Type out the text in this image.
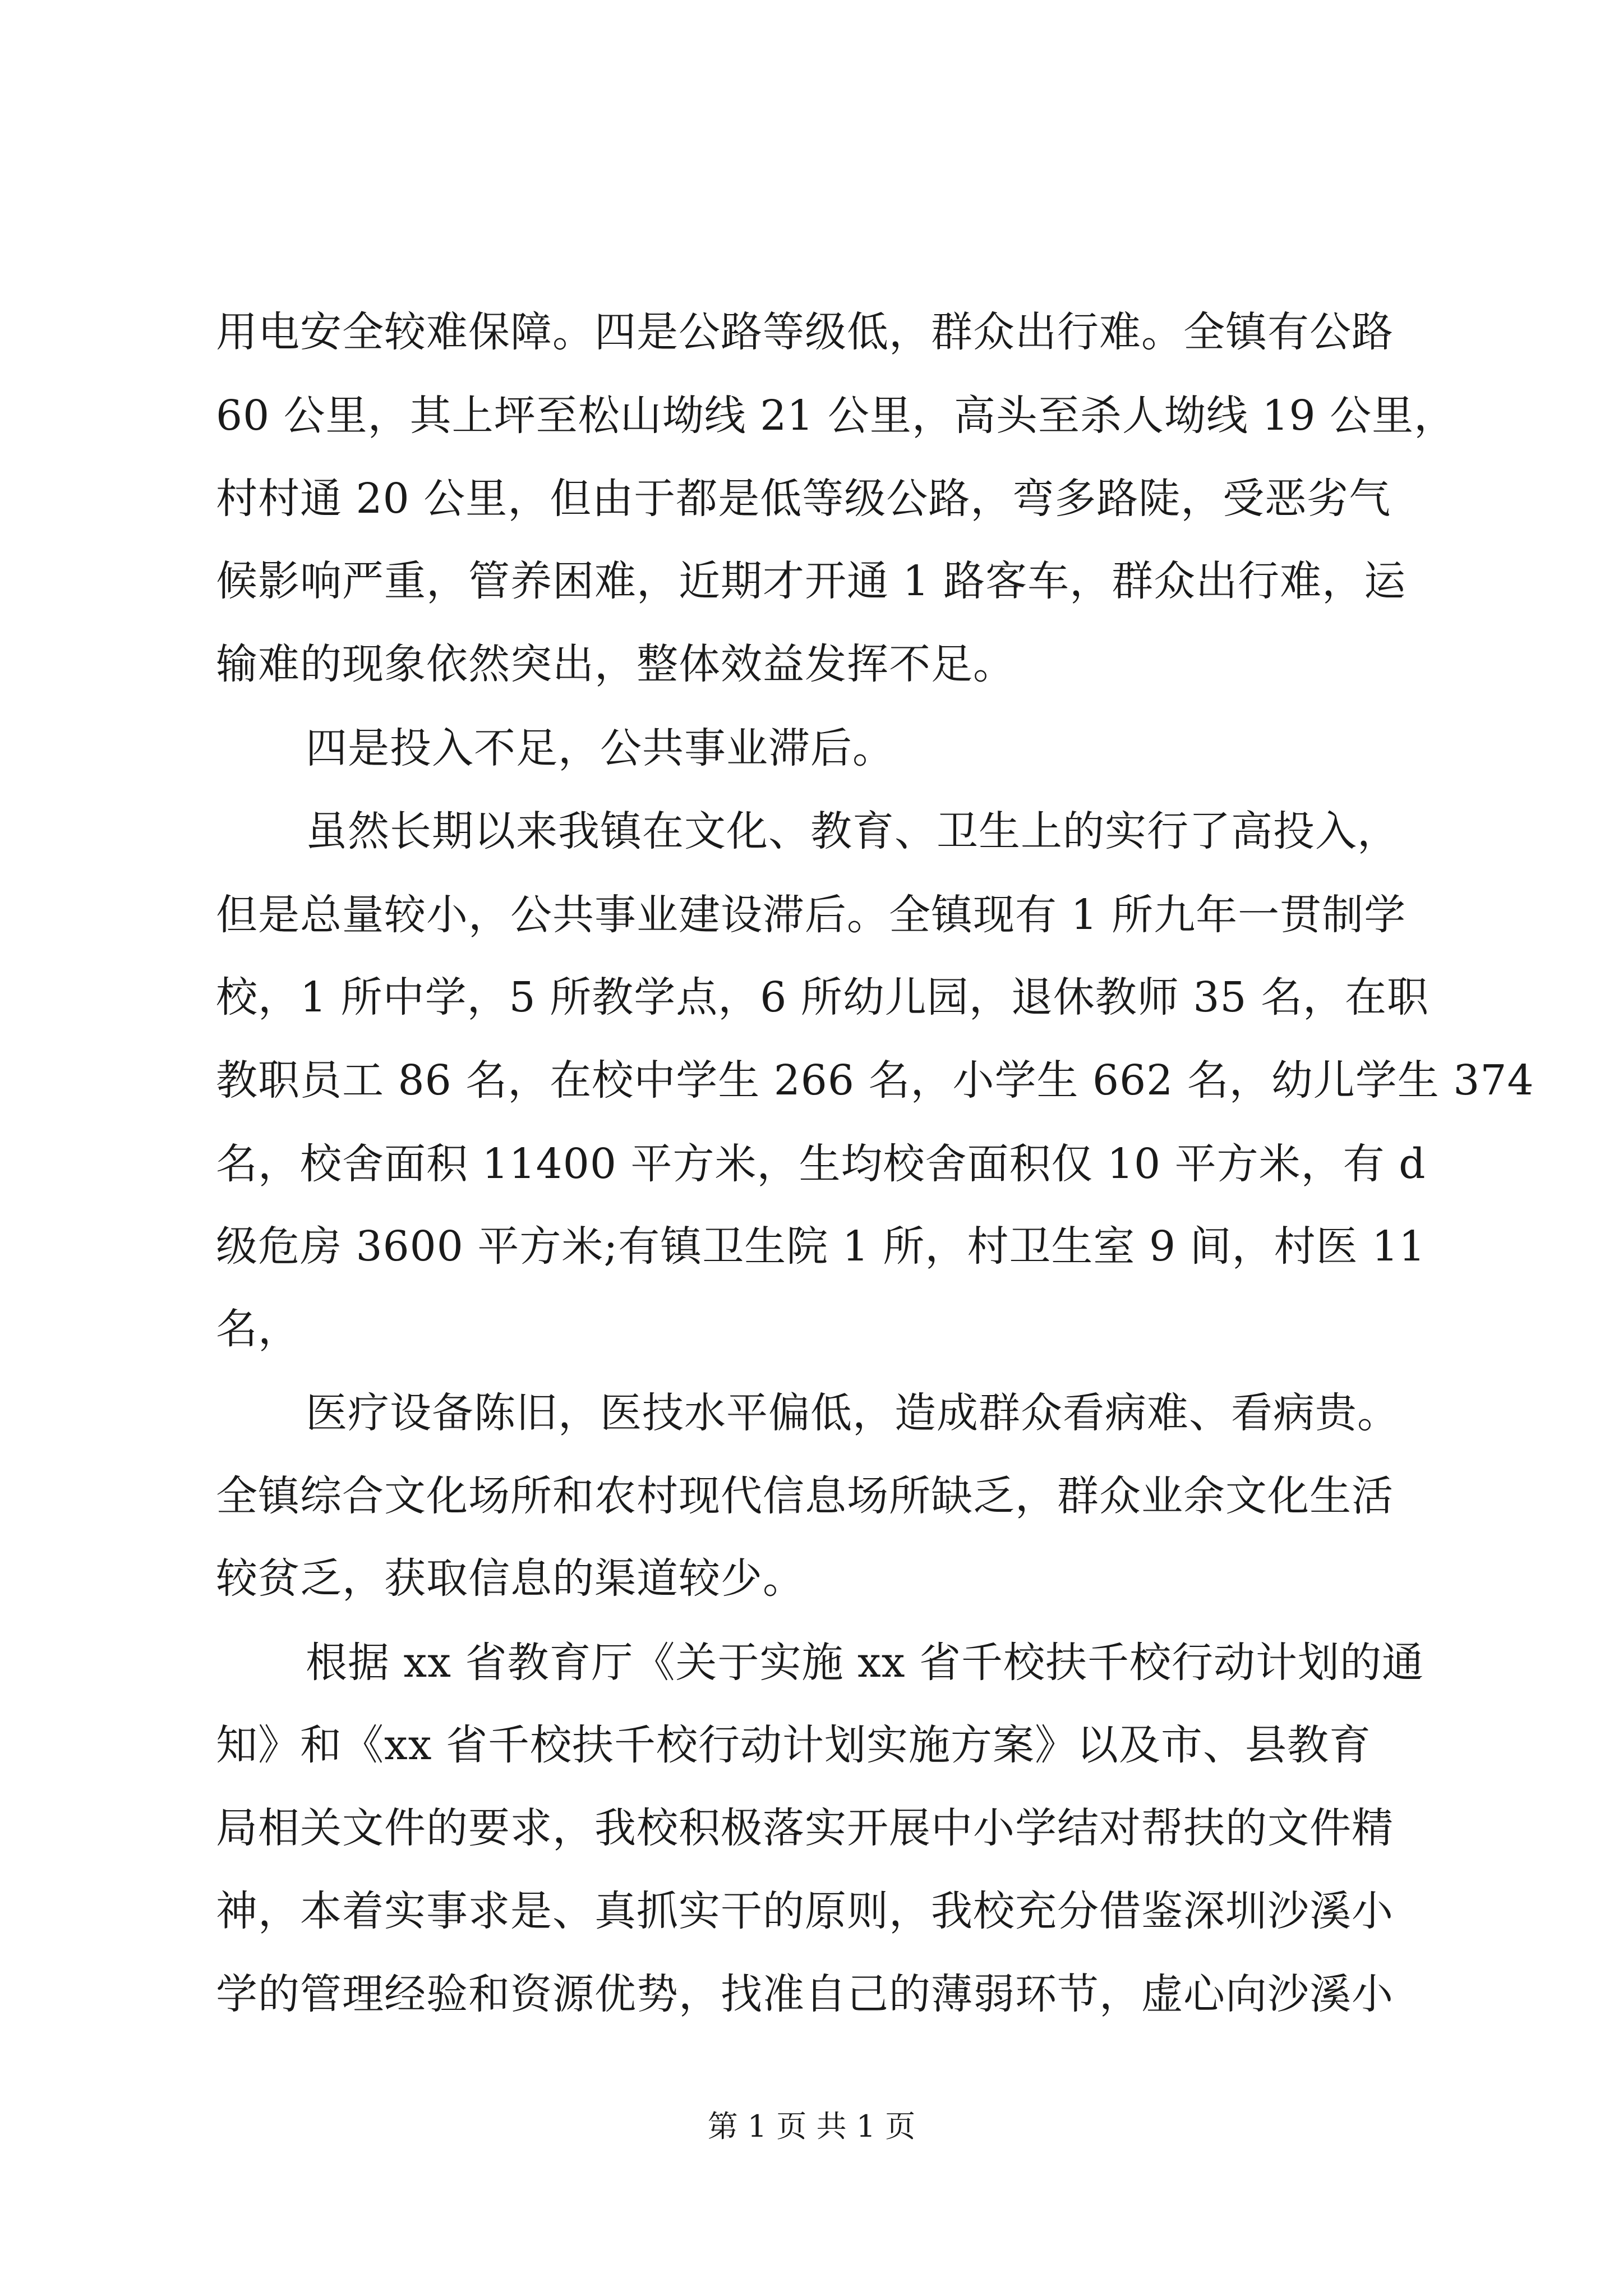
用电安全较难保障。四是公路等级低，群众出行难。全镇有公路
60 公里，其上坪至松山坳线 21 公里，高头至杀人坳线 19 公里，
村村通 20 公里，但由于都是低等级公路，弯多路陡，受恶劣气
候影响严重，管养困难，近期才开通 1 路客车，群众出行难，运
输难的现象依然突出，整体效益发挥不足。
四是投入不足，公共事业滞后。
虽然长期以来我镇在文化、教育、卫生上的实行了高投入，
但是总量较小，公共事业建设滞后。全镇现有 1 所九年一贯制学
校，1 所中学，5 所教学点，6 所幼儿园，退休教师 35 名，在职
教职员工 86 名，在校中学生 266 名，小学生 662 名，幼儿学生 374
名，校舍面积 11400 平方米，生均校舍面积仅 10 平方米，有 d
级危房 3600 平方米;有镇卫生院 1 所，村卫生室 9 间，村医 11
名，
医疗设备陈旧，医技水平偏低，造成群众看病难、看病贵。
全镇综合文化场所和农村现代信息场所缺乏，群众业余文化生活
较贫乏，获取信息的渠道较少。
根据 xx 省教育厅《关于实施 xx 省千校扶千校行动计划的通
知》和《xx 省千校扶千校行动计划实施方案》以及市、县教育
局相关文件的要求，我校积极落实开展中小学结对帮扶的文件精
神，本着实事求是、真抓实干的原则，我校充分借鉴深圳沙溪小
学的管理经验和资源优势，找准自己的薄弱环节，虚心向沙溪小
第 1 页 共 1 页
